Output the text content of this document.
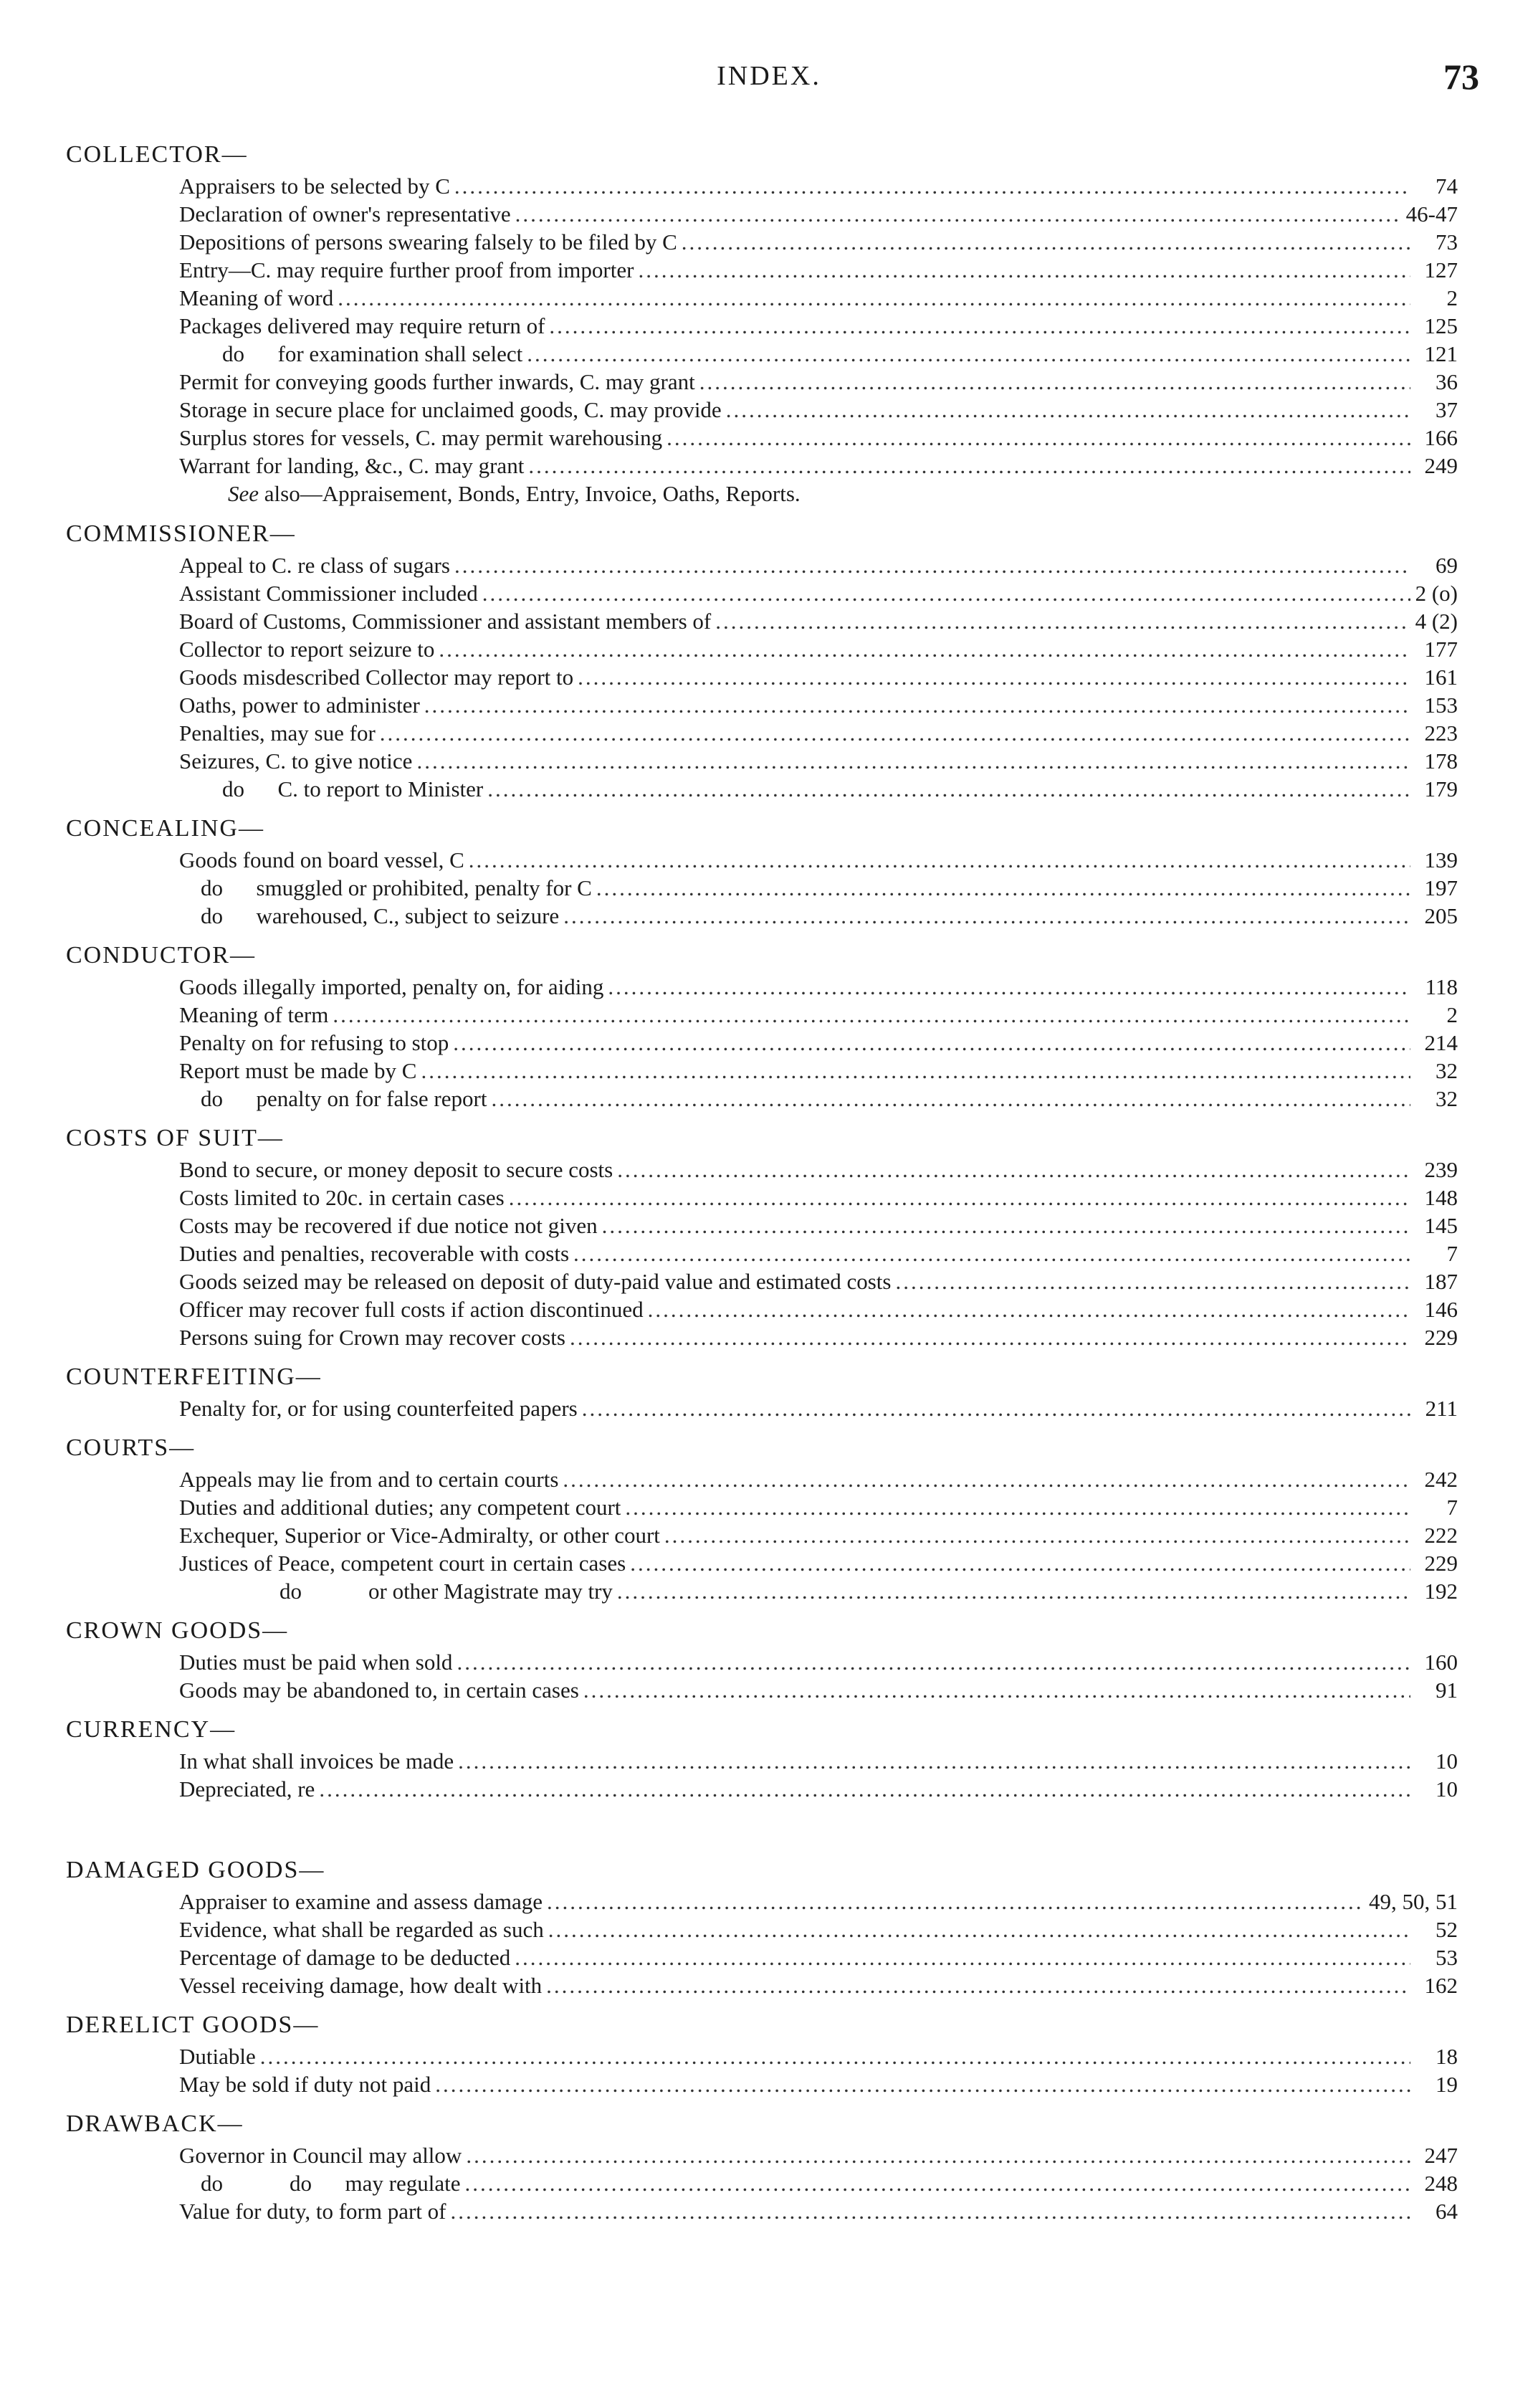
INDEX.	73
COLLECTOR—
Appraisers to be selected by C .....	74
Declaration of owner's representative .....	46-47
Depositions of persons swearing falsely to be filed by C .....	73
Entry—C. may require further proof from importer .....	127
Meaning of word .....	2
Packages delivered may require return of .....	125
do      for examination shall select .....	121
Permit for conveying goods further inwards, C. may grant .....	36
Storage in secure place for unclaimed goods, C. may provide .....	37
Surplus stores for vessels, C. may permit warehousing .....	166
Warrant for landing, &c., C. may grant .....	249
See also—Appraisement, Bonds, Entry, Invoice, Oaths, Reports.
COMMISSIONER—
Appeal to C. re class of sugars .....	69
Assistant Commissioner included .....	2 (o)
Board of Customs, Commissioner and assistant members of .....	4 (2)
Collector to report seizure to .....	177
Goods misdescribed Collector may report to .....	161
Oaths, power to administer .....	153
Penalties, may sue for .....	223
Seizures, C. to give notice .....	178
do      C. to report to Minister .....	179
CONCEALING—
Goods found on board vessel, C .....	139
do      smuggled or prohibited, penalty for C .....	197
do      warehoused, C., subject to seizure .....	205
CONDUCTOR—
Goods illegally imported, penalty on, for aiding .....	118
Meaning of term .....	2
Penalty on for refusing to stop .....	214
Report must be made by C .....	32
do      penalty on for false report .....	32
COSTS OF SUIT—
Bond to secure, or money deposit to secure costs .....	239
Costs limited to 20c. in certain cases .....	148
Costs may be recovered if due notice not given .....	145
Duties and penalties, recoverable with costs .....	7
Goods seized may be released on deposit of duty-paid value and estimated costs .....	187
Officer may recover full costs if action discontinued .....	146
Persons suing for Crown may recover costs .....	229
COUNTERFEITING—
Penalty for, or for using counterfeited papers .....	211
COURTS—
Appeals may lie from and to certain courts .....	242
Duties and additional duties; any competent court .....	7
Exchequer, Superior or Vice-Admiralty, or other court .....	222
Justices of Peace, competent court in certain cases .....	229
do            or other Magistrate may try .....	192
CROWN GOODS—
Duties must be paid when sold .....	160
Goods may be abandoned to, in certain cases .....	91
CURRENCY—
In what shall invoices be made .....	10
Depreciated, re .....	10
DAMAGED GOODS—
Appraiser to examine and assess damage .....	49, 50, 51
Evidence, what shall be regarded as such .....	52
Percentage of damage to be deducted .....	53
Vessel receiving damage, how dealt with .....	162
DERELICT GOODS—
Dutiable .....	18
May be sold if duty not paid .....	19
DRAWBACK—
Governor in Council may allow .....	247
do            do      may regulate .....	248
Value for duty, to form part of .....	64
